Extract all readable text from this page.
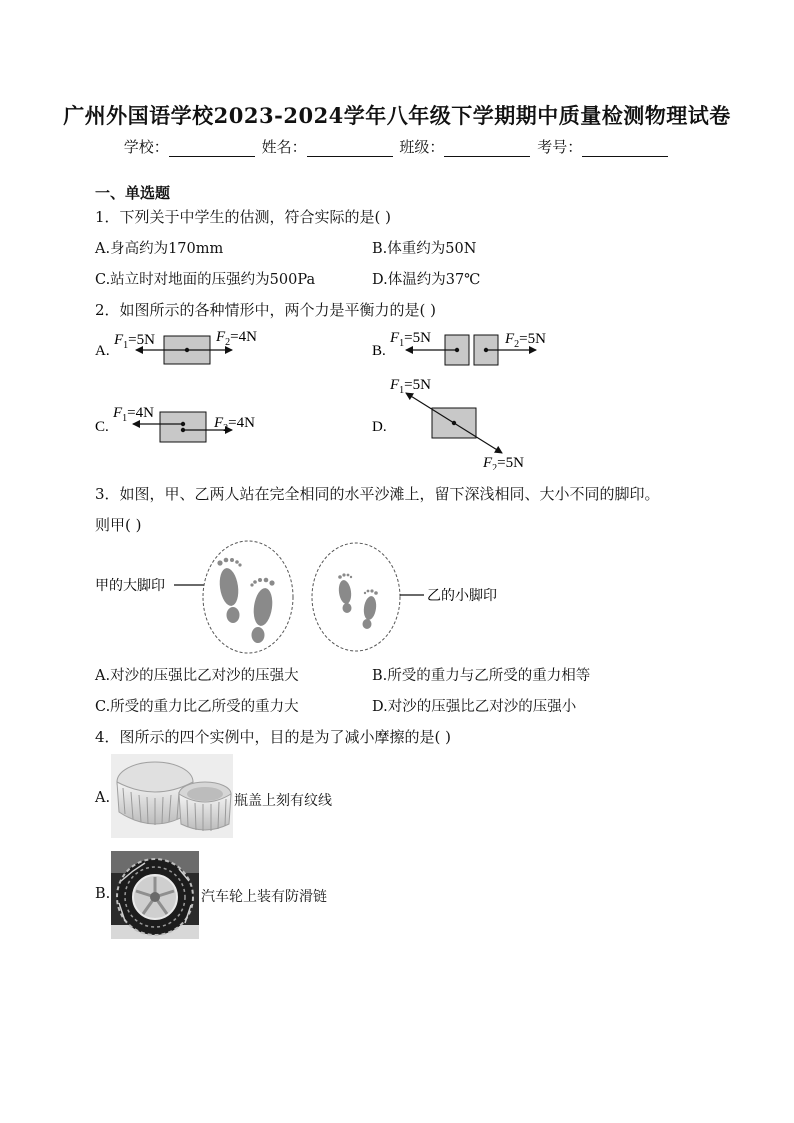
广州外国语学校2023-2024学年八年级下学期期中质量检测物理试卷
学校：	姓名：	班级：	考号：
一、单选题
1．下列关于中学生的估测，符合实际的是( )
A.身高约为170mm	B.体重约为50N
C.站立时对地面的压强约为500Pa	D.体温约为37℃
2．如图所示的各种情形中，两个力是平衡力的是( )
A.
$F_1=5N$	$F_2=4N$
B.
$F_1=5N$	$F_2=5N$
C.
$F_1=4N$
$F_2=4N$	D.
$F_1=5N$
$F_2=5N$
3．如图，甲、乙两人站在完全相同的水平沙滩上，留下深浅相同、大小不同的脚印。
则甲( )
甲的大脚印
乙的小脚印
A.对沙的压强比乙对沙的压强大	B.所受的重力与乙所受的重力相等
C.所受的重力比乙所受的重力大	D.对沙的压强比乙对沙的压强小
4．图所示的四个实例中，目的是为了减小摩擦的是( )
A.	瓶盖上刻有纹线
B.	汽车轮上装有防滑链
